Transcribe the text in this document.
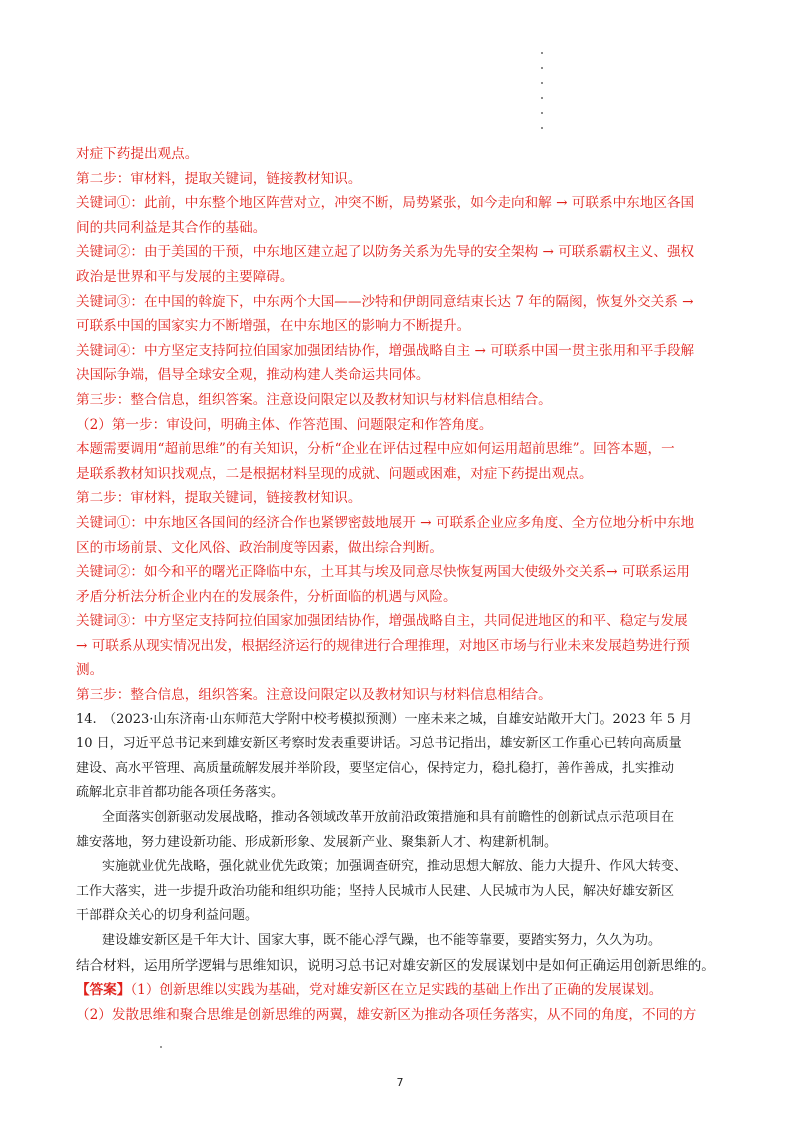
对症下药提出观点。
第二步：审材料，提取关键词，链接教材知识。
关键词①：此前，中东整个地区阵营对立，冲突不断，局势紧张，如今走向和解 → 可联系中东地区各国
间的共同利益是其合作的基础。
关键词②：由于美国的干预，中东地区建立起了以防务关系为先导的安全架构 → 可联系霸权主义、强权
政治是世界和平与发展的主要障碍。
关键词③：在中国的斡旋下，中东两个大国——沙特和伊朗同意结束长达 7 年的隔阂，恢复外交关系 →
可联系中国的国家实力不断增强，在中东地区的影响力不断提升。
关键词④：中方坚定支持阿拉伯国家加强团结协作，增强战略自主 → 可联系中国一贯主张用和平手段解
决国际争端，倡导全球安全观，推动构建人类命运共同体。
第三步：整合信息，组织答案。注意设问限定以及教材知识与材料信息相结合。
（2）第一步：审设问，明确主体、作答范围、问题限定和作答角度。
本题需要调用“超前思维”的有关知识，分析“企业在评估过程中应如何运用超前思维”。回答本题，一
是联系教材知识找观点，二是根据材料呈现的成就、问题或困难，对症下药提出观点。
第二步：审材料，提取关键词，链接教材知识。
关键词①：中东地区各国间的经济合作也紧锣密鼓地展开 → 可联系企业应多角度、全方位地分析中东地
区的市场前景、文化风俗、政治制度等因素，做出综合判断。
关键词②：如今和平的曙光正降临中东，土耳其与埃及同意尽快恢复两国大使级外交关系→ 可联系运用
矛盾分析法分析企业内在的发展条件，分析面临的机遇与风险。
关键词③：中方坚定支持阿拉伯国家加强团结协作，增强战略自主，共同促进地区的和平、稳定与发展
→ 可联系从现实情况出发，根据经济运行的规律进行合理推理，对地区市场与行业未来发展趋势进行预
测。
第三步：整合信息，组织答案。注意设问限定以及教材知识与材料信息相结合。
14.　（2023·山东济南·山东师范大学附中校考模拟预测）一座未来之城，自雄安站敞开大门。2023 年 5 月
10 日，习近平总书记来到雄安新区考察时发表重要讲话。习总书记指出，雄安新区工作重心已转向高质量
建设、高水平管理、高质量疏解发展并举阶段，要坚定信心，保持定力，稳扎稳打，善作善成，扎实推动
疏解北京非首都功能各项任务落实。
全面落实创新驱动发展战略，推动各领域改革开放前沿政策措施和具有前瞻性的创新试点示范项目在
雄安落地，努力建设新功能、形成新形象、发展新产业、聚集新人才、构建新机制。
实施就业优先战略，强化就业优先政策；加强调查研究，推动思想大解放、能力大提升、作风大转变、
工作大落实，进一步提升政治功能和组织功能；坚持人民城市人民建、人民城市为人民，解决好雄安新区
干部群众关心的切身利益问题。
建设雄安新区是千年大计、国家大事，既不能心浮气躁，也不能等靠要，要踏实努力，久久为功。
结合材料，运用所学逻辑与思维知识，说明习总书记对雄安新区的发展谋划中是如何正确运用创新思维的。
【答案】（1）创新思维以实践为基础，党对雄安新区在立足实践的基础上作出了正确的发展谋划。
（2）发散思维和聚合思维是创新思维的两翼，雄安新区为推动各项任务落实，从不同的角度，不同的方
7
